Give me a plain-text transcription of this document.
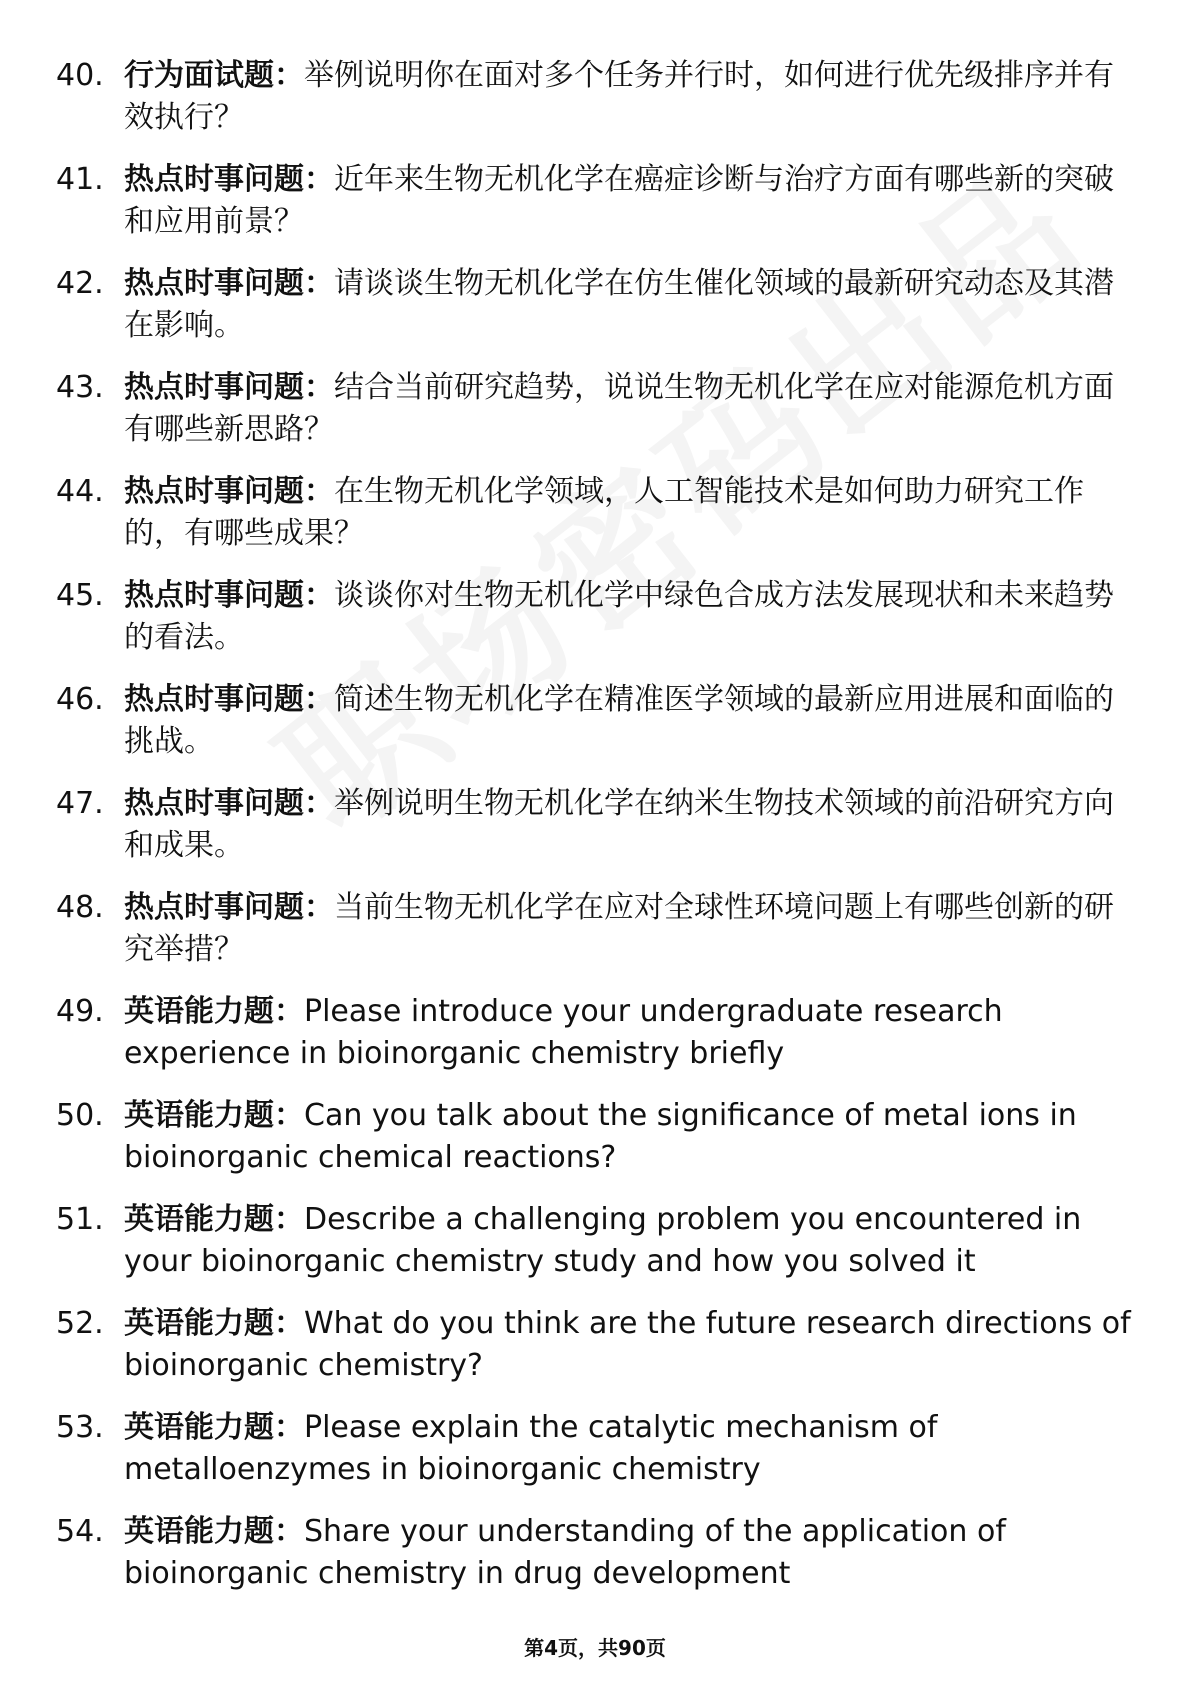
40. 行为面试题：举例说明你在面对多个任务并行时，如何进行优先级排序并有效执行？
41. 热点时事问题：近年来生物无机化学在癌症诊断与治疗方面有哪些新的突破和应用前景？
42. 热点时事问题：请谈谈生物无机化学在仿生催化领域的最新研究动态及其潜在影响。
43. 热点时事问题：结合当前研究趋势，说说生物无机化学在应对能源危机方面有哪些新思路？
44. 热点时事问题：在生物无机化学领域，人工智能技术是如何助力研究工作的，有哪些成果？
45. 热点时事问题：谈谈你对生物无机化学中绿色合成方法发展现状和未来趋势的看法。
46. 热点时事问题：简述生物无机化学在精准医学领域的最新应用进展和面临的挑战。
47. 热点时事问题：举例说明生物无机化学在纳米生物技术领域的前沿研究方向和成果。
48. 热点时事问题：当前生物无机化学在应对全球性环境问题上有哪些创新的研究举措？
49. 英语能力题：Please introduce your undergraduate research experience in bioinorganic chemistry briefly
50. 英语能力题：Can you talk about the significance of metal ions in bioinorganic chemical reactions?
51. 英语能力题：Describe a challenging problem you encountered in your bioinorganic chemistry study and how you solved it
52. 英语能力题：What do you think are the future research directions of bioinorganic chemistry?
53. 英语能力题：Please explain the catalytic mechanism of metalloenzymes in bioinorganic chemistry
54. 英语能力题：Share your understanding of the application of bioinorganic chemistry in drug development
第4页，共90页
